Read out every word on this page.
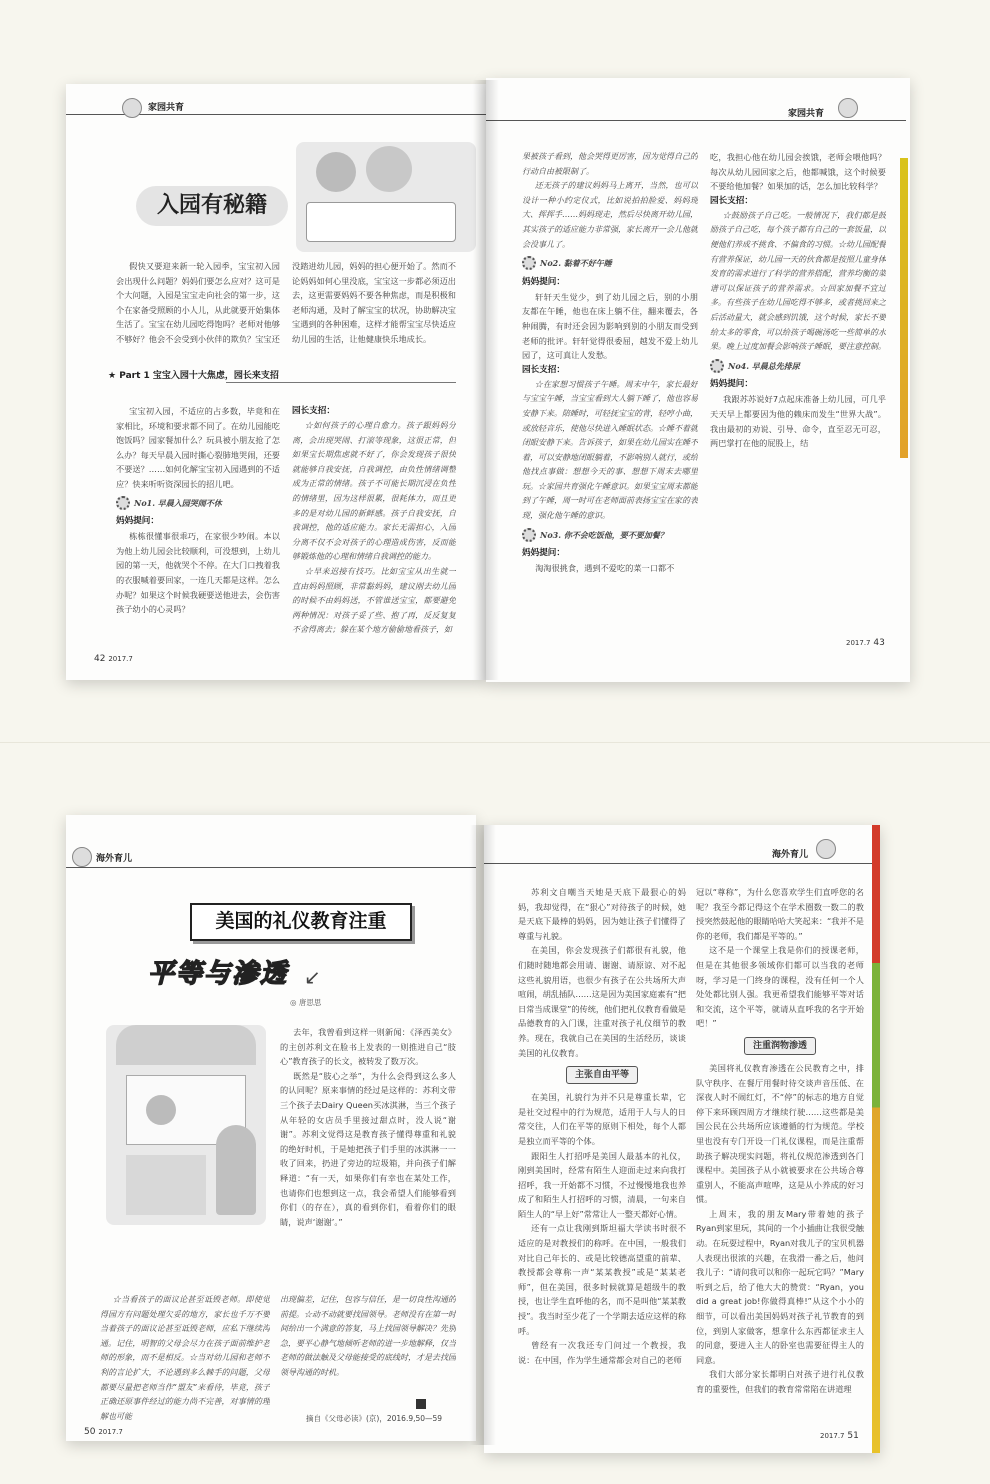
家园共育
入园有秘籍

假快又要迎来新一轮入园季，宝宝初入园会出现什么问题？妈妈们要怎么应对？这可是个大问题，入园是宝宝走向社会的第一步，这个在家备受照顾的小人儿，从此就要开始集体生活了。宝宝在幼儿园吃得饱吗？老师对他够不够好？他会不会受到小伙伴的欺负？宝宝还

没踏进幼儿园，妈妈的担心便开始了。然而不论妈妈如何心里没底，宝宝这一步都必须迈出去，这更需要妈妈不要各种焦虑，而是积极和老师沟通，及时了解宝宝的状况，协助解决宝宝遇到的各种困难，这样才能帮宝宝尽快适应幼儿园的生活，让他健康快乐地成长。

★ Part 1 宝宝入园十大焦虑，园长来支招

宝宝初入园，不适应的占多数，毕竟和在家相比，环境和要求都不同了。在幼儿园能吃饱饭吗？园家餐加什么？玩具被小朋友抢了怎么办？每天早晨入园时撕心裂肺地哭闹，还要不要送？……如何化解宝宝初入园遇到的不适应？快来听听资深园长的招儿吧。

No1. 早晨入园哭闹不休
妈妈提问：

栋栋很懂事很乖巧，在家很少吵闹。本以为他上幼儿园会比较顺利，可没想到，上幼儿园的第一天，他就哭个不停。在大门口拽着我的衣服喊着要回家，一连几天都是这样。怎么办呢？如果这个时候我硬要送他进去，会伤害孩子幼小的心灵吗？

园长支招：

☆如何孩子的心理自愈力。孩子跟妈妈分离，会出现哭闹、打滚等现象，这很正常，但如果宝长期焦虑就不好了，你会发现孩子很快就能够自我安抚，自我调控，由负性情绪调整成为正常的情绪。孩子不可能长期沉浸在负性的情绪里，因为这样很累，很耗体力，而且更多的是对幼儿园的新鲜感。孩子自我安抚，自我调控，他的适应能力。家长无需担心，入园分离不仅不会对孩子的心理造成伤害，反而能够锻炼他的心理和情绪自我调控的能力。

☆早来迟接有技巧。比如宝宝从出生就一直由妈妈照顾，非常黏妈妈，建议刚去幼儿园的时候不由妈妈送，不管谁送宝宝，都要避免两种情况：对孩子妥了些、抱了再，反反复复不舍得离去；躲在某个地方偷偷地看孩子，如

42 2017.7
家园共育

果被孩子看到，他会哭得更厉害，因为觉得自己的行动自由被限制了。

还无孩子的建议妈妈马上离开，当然，也可以设计一种小约定仪式，比如说拍拍脸爱、妈妈现大、挥挥手……妈妈现走，然后尽快离开幼儿园，其实孩子的适应能力非常强，家长离开一会儿他就会没事儿了。

No2. 黏着不好午睡
妈妈提问：

轩轩天生觉少，到了幼儿园之后，别的小朋友都在午睡，他也在床上躺不住，翻来覆去，各种闹腾，有时还会因为影响到别的小朋友而受到老师的批评。轩轩觉得很委屈，越发不爱上幼儿园了，这可真让人发愁。

园长支招：

☆在家想习惯孩子午睡。周末中午，家长最好与宝宝午睡，当宝宝看到大人躺下睡了，他也容易安静下来。陪睡时，可轻抚宝宝的背，轻哼小曲，或放轻音乐，使他尽快进入睡眠状态。☆睡不着就闭眼安静下来。告诉孩子，如果在幼儿园实在睡不着，可以安静地闭眼躺着，不影响别人就行，或给他找点事做：想想今天的事、想想下周末去哪里玩。☆家园共育强化午睡意识。如果宝宝周末都能到了午睡，周一时可在老师面前表扬宝宝在家的表现，强化他午睡的意识。

No3. 你不会吃饭他，要不要加餐？
妈妈提问：

淘淘很挑食，遇到不爱吃的菜一口都不

吃，我担心他在幼儿园会挨饿，老师会喂他吗？每次从幼儿园回家之后，他都喊饿，这个时候要不要给他加餐？如果加的话，怎么加比较科学？

园长支招：

☆鼓励孩子自己吃。一般情况下，我们都是鼓励孩子自己吃，每个孩子都有自己的一套饭量，以便他们养成不挑食、不偏食的习惯。☆幼儿园配餐有营养保证，幼儿园一天的伙食都是按照儿童身体发育的需求进行了科学的营养搭配，营养均衡的菜谱可以保证孩子的营养需求。☆回家加餐不宜过多。有些孩子在幼儿园吃得不够多，或者挑回来之后活动量大，就会感到饥饿，这个时候，家长不要给太多的零食，可以给孩子喝碗汤吃一些简单的水果。晚上过度加餐会影响孩子睡眠，要注意控制。

No4. 早晨总先排尿
妈妈提问：

我跟苏苏说好7点起床准备上幼儿园，可几乎天天早上都要因为他的赖床而发生“世界大战”。我由最初的劝说、引导、命令，直至忍无可忍，两巴掌打在他的屁股上，结

2017.7 43
海外育儿
美国的礼仪教育注重
平等与渗透 ↙
◎ 唐思思

去年，我曾看到这样一则新闻：《泽西美女》的主创苏利文在脸书上发表的一则推进自己“肢心”教育孩子的长文，被转发了数万次。

既然是“肢心之举”，为什么会得到这么多人的认同呢？原来事情的经过是这样的：苏利文带三个孩子去Dairy Queen买冰淇淋，当三个孩子从年轻的女店员手里接过甜点时，没人说“谢谢”。苏利文觉得这是教育孩子懂得尊重和礼貌的绝好时机，于是她把孩子们手里的冰淇淋一一收了回来，扔进了旁边的垃圾箱，并向孩子们解释道：“有一天，如果你们有幸也在某处工作，也请你们也想到这一点，我会希望人们能够看到你们（的存在），真的看到你们，看着你们的眼睛，说声‘谢谢’。”

☆当看孩子的面议论甚至诋毁老师。即使觉得园方有问题处理欠妥的地方，家长也千万不要当着孩子的面议论甚至诋毁老师，应私下继续沟通。记住，明智的父母会尽力在孩子面前维护老师的形象，而不是相反。☆当对幼儿园和老师不利的言论扩大，不论遇到多么棘手的问题，父母都要尽量把老师当作“盟友”来看待，毕竟，孩子正确还原事件经过的能力尚不完善，对事情的理解也可能

出现偏差，记住，包容与信任，是一切良性沟通的前提。☆动不动就要找园领导。老师没有在第一时间给出一个满意的答复，马上找园领导解决？先别急，要平心静气地倾听老师的进一步地解释，仅当老师的做法触及父母能接受的底线时，才是去找园领导沟通的时机。

摘自《父母必读》(京)，2016.9,50—59
50 2017.7
海外育儿

苏利文自嘲当天她是天底下最狠心的妈妈，我却觉得，在“狠心”对待孩子的时候，她是天底下最棒的妈妈，因为她让孩子们懂得了尊重与礼貌。

在美国，你会发现孩子们都很有礼貌，他们随时随地都会用请、谢谢、请原谅、对不起这些礼貌用语，也很少有孩子在公共场所大声喧闹，胡乱插队……这是因为美国家庭素有“把日常当成课堂”的传统，他们把礼仪教育看做是品德教育的入门课，注重对孩子礼仪细节的教养。现在，我就自己在美国的生活经历，谈谈美国的礼仪教育。

主张自由平等

在美国，礼貌行为并不只是尊重长辈，它是社交过程中的行为规范，适用于人与人的日常交往，人们在平等的原则下相处，每个人都是独立而平等的个体。

跟阳生人打招呼是美国人最基本的礼仪，刚到美国时，经常有陌生人迎面走过来向我打招呼，我一开始都不习惯，不过慢慢地我也养成了和陌生人打招呼的习惯，清晨，一句来自陌生人的“早上好”常常让人一整天都好心情。

还有一点让我刚到斯坦福大学读书时很不适应的是对教授们的称呼。在中国，一般我们对比自己年长的、或是比较德高望重的前辈、教授都会尊称一声“某某教授”或是“某某老师”，但在美国，很多时候就算是超级牛的教授，也让学生直呼他的名，而不是叫他“某某教授”。我当时至少花了一个学期去适应这样的称呼。

曾经有一次我还专门问过一个教授，我说：在中国，作为学生通常都会对自己的老师

冠以“尊称”，为什么您喜欢学生们直呼您的名呢？我至今都记得这个在学术圈数一数二的教授突然鼓起他的眼睛哈哈大笑起来：“我并不是你的老师，我们都是平等的。”

这不是一个课堂上我是你们的授课老师，但是在其他很多领域你们都可以当我的老师呀，学习是一门终身的课程，没有任何一个人处处都比别人强。我更希望我们能够平等对话和交流，这个平等，就请从直呼我的名字开始吧！”

注重润物渗透

美国将礼仪教育渗透在公民教育之中，排队守秩序、在餐厅用餐时待交谈声音压低、在深夜人时不闹红灯，不“停”的标志的地方自觉停下来环顾四周方才继续行驶……这些都是美国公民在公共场所应该遵循的行为规范。学校里也没有专门开设一门礼仪课程，而是注重帮助孩子解决现实问题，将礼仪规范渗透到各门课程中。美国孩子从小就被要求在公共场合尊重别人，不能高声喧哗，这是从小养成的好习惯。

上周末，我的朋友Mary带着她的孩子Ryan到家里玩，其间的一个小插曲让我很受触动。在玩耍过程中，Ryan对我儿子的宝贝机器人表现出很浓的兴趣，在我滑一番之后，他问我儿子：“请问我可以和你一起玩它吗？”Mary听到之后，给了他大大的赞赏：“Ryan，you did a great job!你做得真棒!”从这个小小的细节，可以看出美国妈妈对孩子礼节教育的到位，到别人家做客，想拿什么东西都征求主人的同意，要进入主人的卧室也需要征得主人的同意。

我们大部分家长都明白对孩子进行礼仪教育的重要性，但我们的教育常常陷在讲道理

2017.7 51
